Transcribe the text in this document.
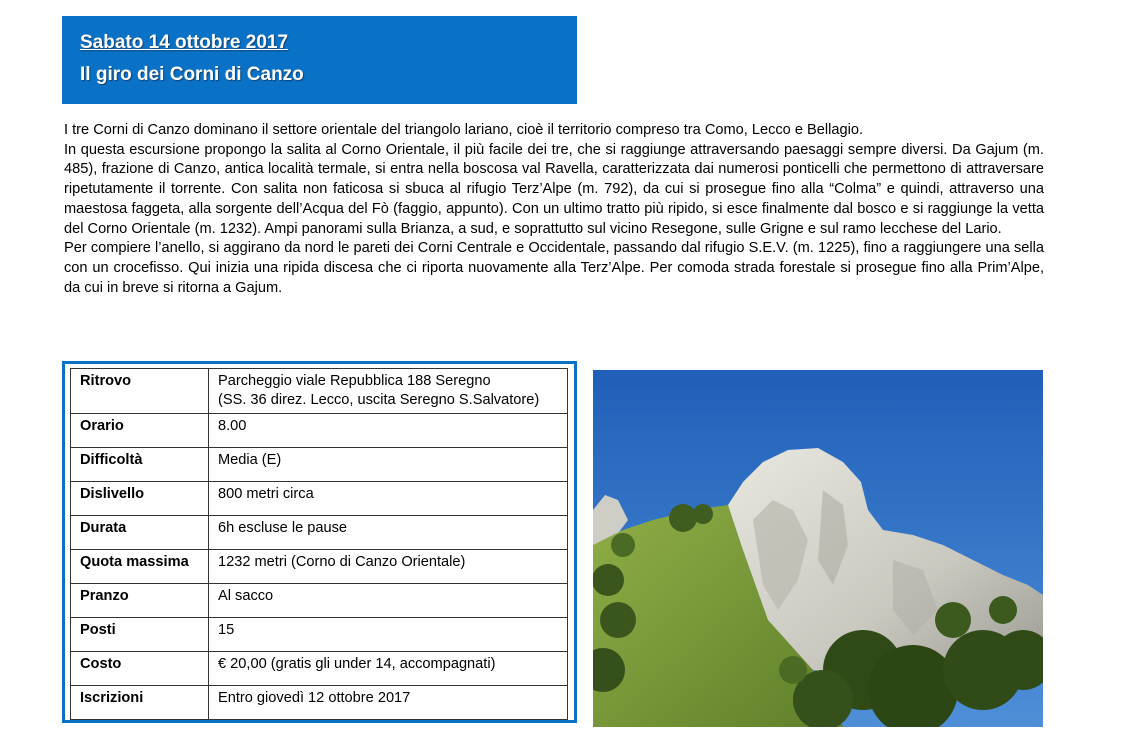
Sabato 14 ottobre 2017
Il giro dei Corni di Canzo

I tre Corni di Canzo dominano il settore orientale del triangolo lariano, cioè il territorio compreso tra Como, Lecco e Bellagio.

In questa escursione propongo la salita al Corno Orientale, il più facile dei tre, che si raggiunge attraversando paesaggi sempre diversi. Da Gajum (m. 485), frazione di Canzo, antica località termale, si entra nella boscosa val Ravella, caratterizzata dai numerosi ponticelli che permettono di attraversare ripetutamente il torrente. Con salita non faticosa si sbuca al rifugio Terz’Alpe (m. 792), da cui si prosegue fino alla “Colma” e quindi, attraverso una maestosa faggeta, alla sorgente dell’Acqua del Fò (faggio, appunto). Con un ultimo tratto più ripido, si esce finalmente dal bosco e si raggiunge la vetta del Corno Orientale (m. 1232). Ampi panorami sulla Brianza, a sud, e soprattutto sul vicino Resegone, sulle Grigne e sul ramo lecchese del Lario.

Per compiere l’anello, si aggirano da nord le pareti dei Corni Centrale e Occidentale, passando dal rifugio S.E.V. (m. 1225), fino a raggiungere una sella con un crocefisso. Qui inizia una ripida discesa che ci riporta nuovamente alla Terz’Alpe. Per comoda strada forestale si prosegue fino alla Prim’Alpe, da cui in breve si ritorna a Gajum.

Ritrovo	Parcheggio viale Repubblica 188 Seregno
(SS. 36 direz. Lecco, uscita Seregno S.Salvatore)

Orario	8.00
Difficoltà	Media (E)
Dislivello	800 metri circa
Durata	6h escluse le pause
Quota massima	1232 metri (Corno di Canzo Orientale)
Pranzo	Al sacco
Posti	15
Costo	€ 20,00 (gratis gli under 14, accompagnati)
Iscrizioni	Entro giovedì 12 ottobre 2017
